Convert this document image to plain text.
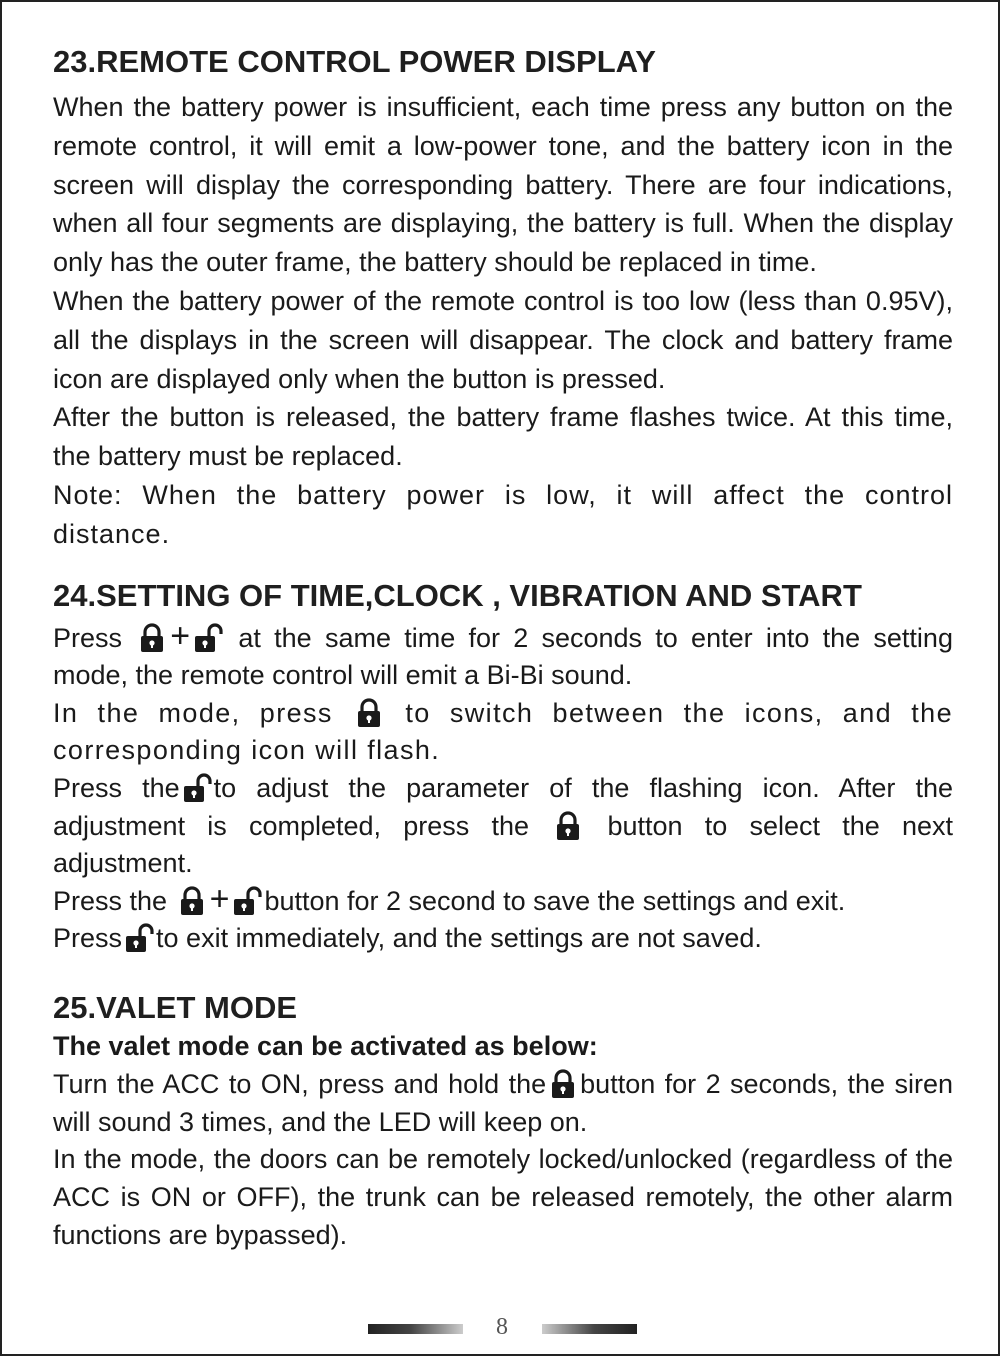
23.REMOTE CONTROL POWER DISPLAY

When the battery power is insufficient, each time press any button on the remote control, it will emit a low-power tone, and the battery icon in the screen will display the corresponding battery. There are four indications, when all four segments are displaying, the battery is full. When the display only has the outer frame, the battery should be replaced in time.

When the battery power of the remote control is too low (less than 0.95V), all the displays in the screen will disappear. The clock and battery frame icon are displayed only when the button is pressed.

After the button is released, the battery frame flashes twice. At this time, the battery must be replaced.

Note: When the battery power is low, it will affect the control distance.

24.SETTING OF TIME,CLOCK , VIBRATION AND START

Press + at the same time for 2 seconds to enter into the setting mode, the remote control will emit a Bi-Bi sound.

In the mode, press	to switch between the icons, and the corresponding icon will flash.

Press the to adjust the parameter of the flashing icon. After the adjustment is completed, press the	button to select the next adjustment.

Press the + button for 2 second to save the settings and exit.

Press to exit immediately, and the settings are not saved.

25.VALET MODE

The valet mode can be activated as below:

Turn the ACC to ON, press and hold the button for 2 seconds, the siren will sound 3 times, and the LED will keep on.

In the mode, the doors can be remotely locked/unlocked (regardless of the ACC is ON or OFF), the trunk can be released remotely, the other alarm functions are bypassed).

8
